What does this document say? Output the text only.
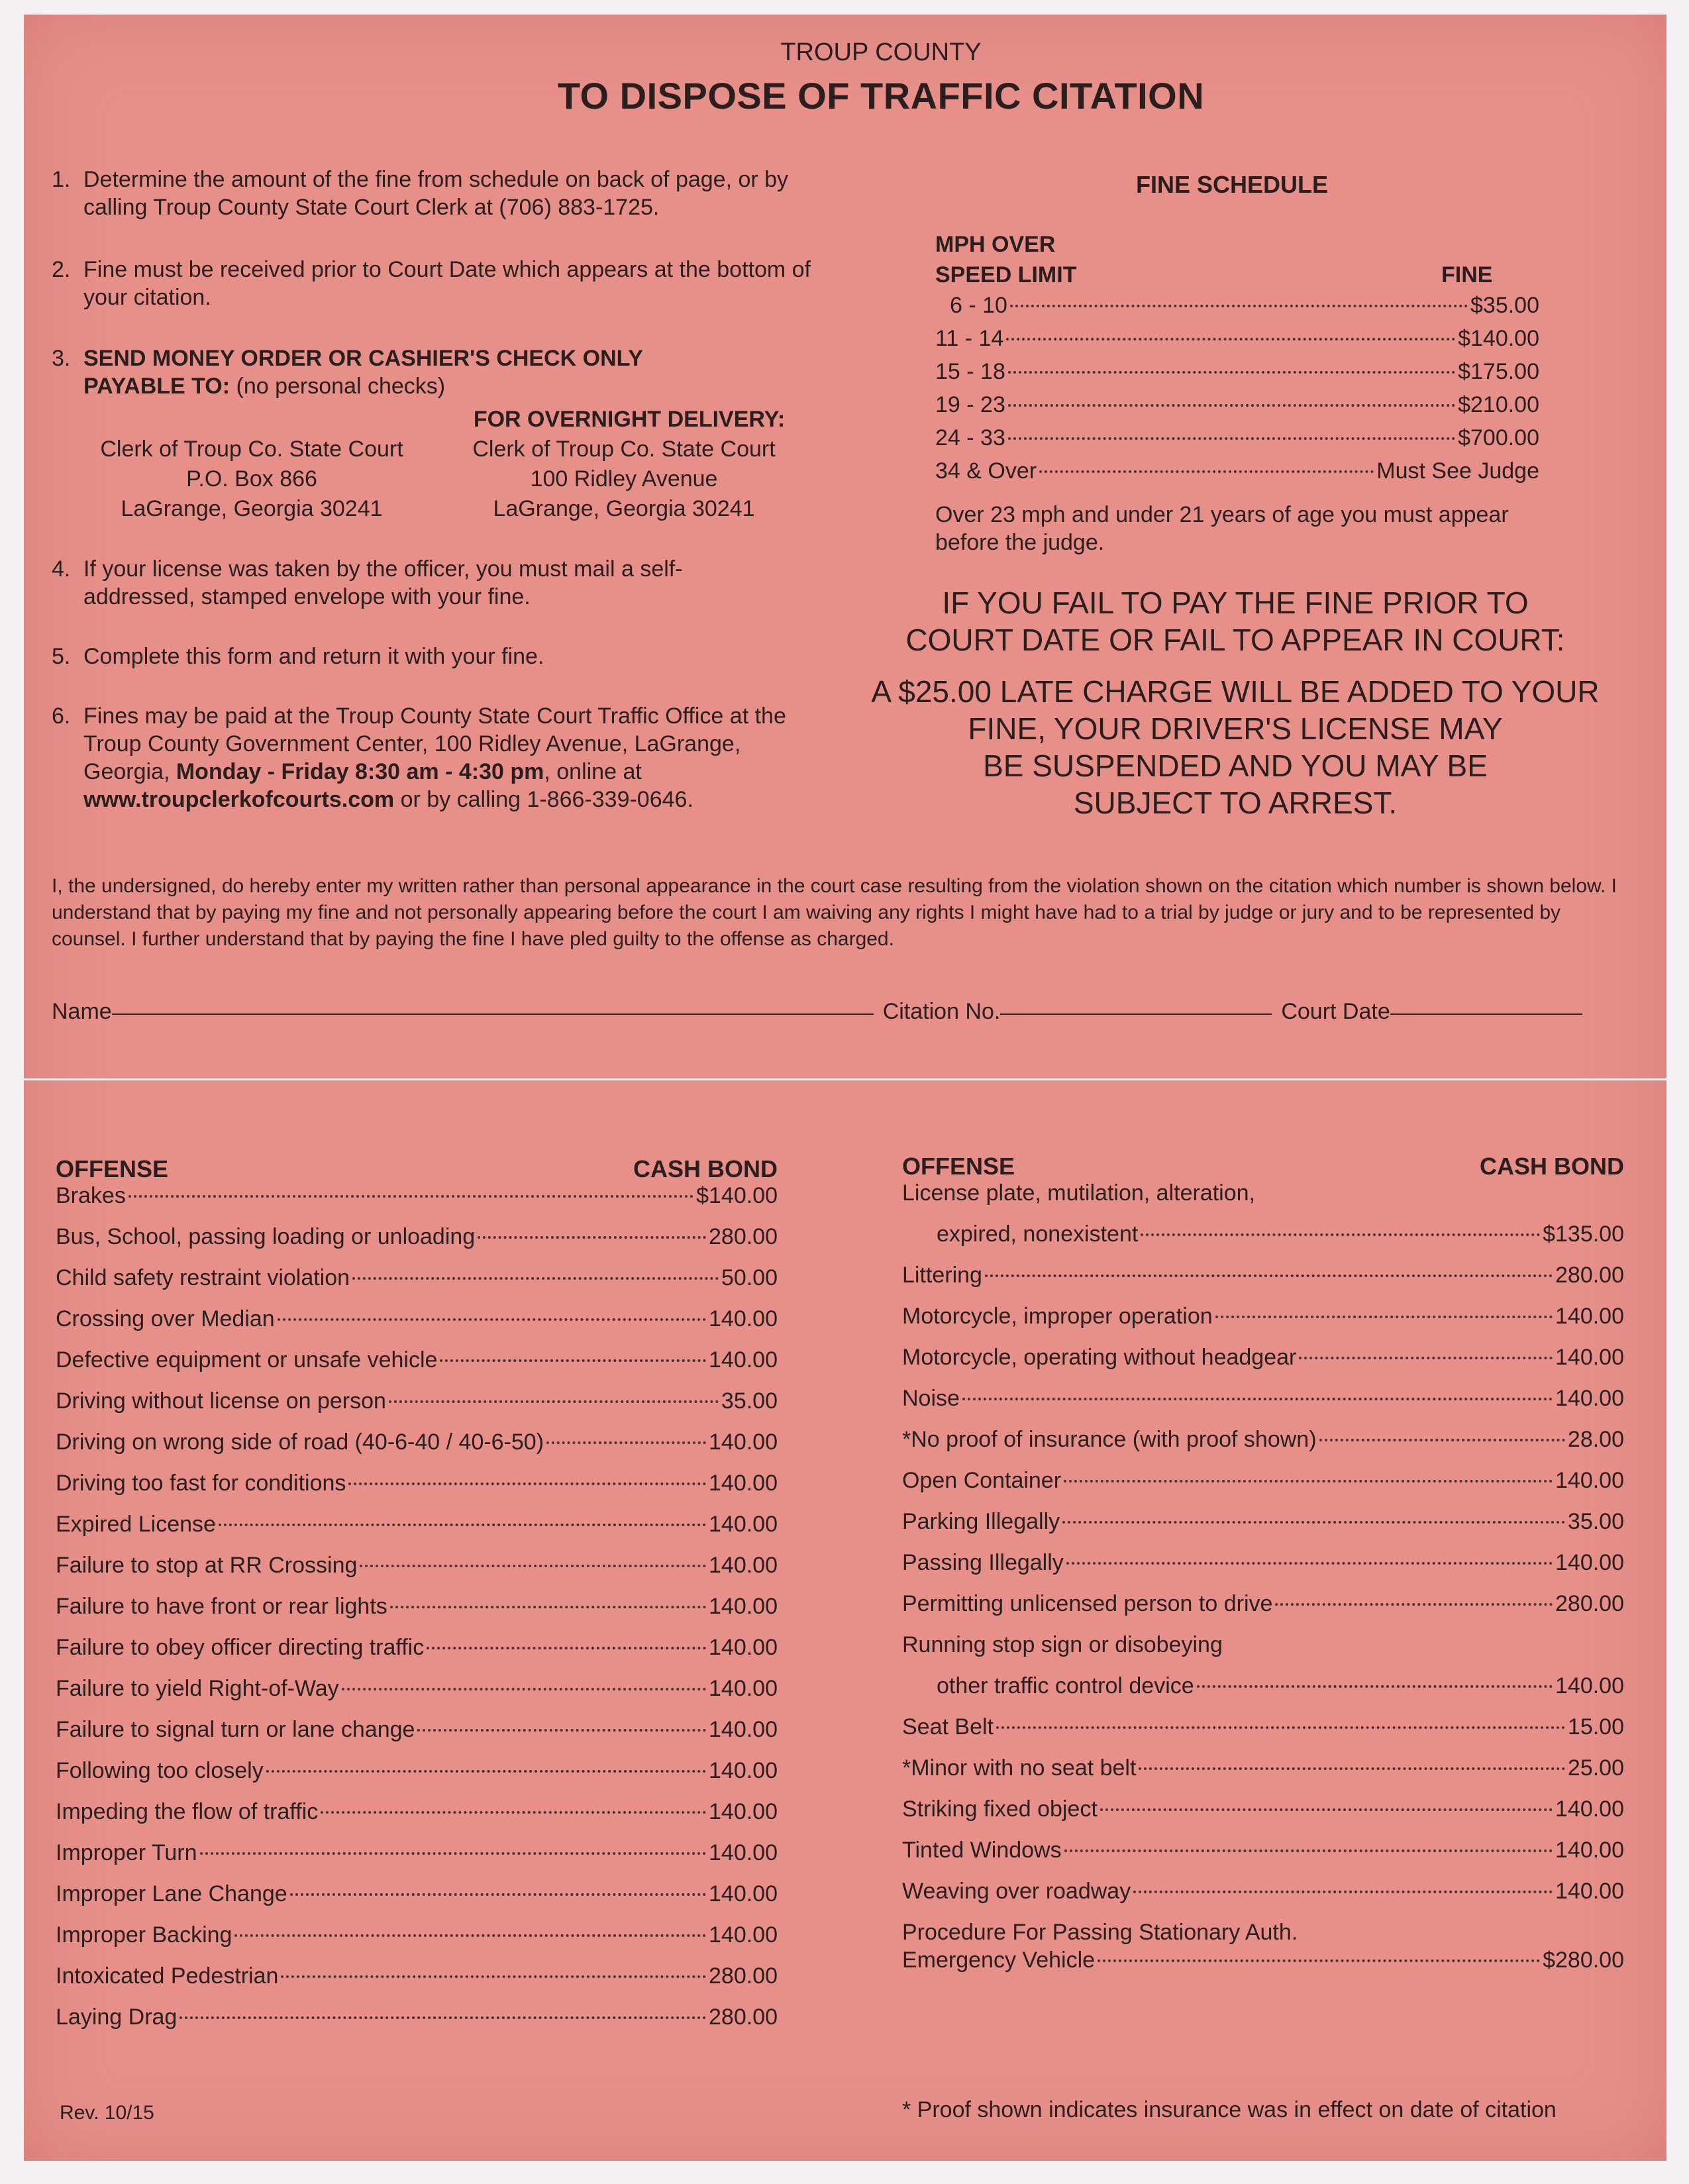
TROUP COUNTY
TO DISPOSE OF TRAFFIC CITATION
1. Determine the amount of the fine from schedule on back of page, or by calling Troup County State Court Clerk at (706) 883-1725.
2. Fine must be received prior to Court Date which appears at the bottom of your citation.
3. SEND MONEY ORDER OR CASHIER'S CHECK ONLY PAYABLE TO: (no personal checks)
FOR OVERNIGHT DELIVERY:
Clerk of Troup Co. State Court
P.O. Box 866
LaGrange, Georgia 30241
Clerk of Troup Co. State Court
100 Ridley Avenue
LaGrange, Georgia 30241
4. If your license was taken by the officer, you must mail a self-addressed, stamped envelope with your fine.
5. Complete this form and return it with your fine.
6. Fines may be paid at the Troup County State Court Traffic Office at the Troup County Government Center, 100 Ridley Avenue, LaGrange, Georgia, Monday - Friday 8:30 am - 4:30 pm, online at www.troupclerkofcourts.com or by calling 1-866-339-0646.
FINE SCHEDULE
MPH OVER
SPEED LIMIT	FINE
6 - 10	$35.00
11 - 14	$140.00
15 - 18	$175.00
19 - 23	$210.00
24 - 33	$700.00
34 & Over	Must See Judge
Over 23 mph and under 21 years of age you must appear before the judge.
IF YOU FAIL TO PAY THE FINE PRIOR TO
COURT DATE OR FAIL TO APPEAR IN COURT:
A $25.00 LATE CHARGE WILL BE ADDED TO YOUR
FINE, YOUR DRIVER'S LICENSE MAY
BE SUSPENDED AND YOU MAY BE
SUBJECT TO ARREST.
I, the undersigned, do hereby enter my written rather than personal appearance in the court case resulting from the violation shown on the citation which number is shown below. I understand that by paying my fine and not personally appearing before the court I am waiving any rights I might have had to a trial by judge or jury and to be represented by counsel. I further understand that by paying the fine I have pled guilty to the offense as charged.
Name	Citation No.	Court Date
OFFENSE	CASH BOND
Brakes	$140.00
Bus, School, passing loading or unloading	280.00
Child safety restraint violation	50.00
Crossing over Median	140.00
Defective equipment or unsafe vehicle	140.00
Driving without license on person	35.00
Driving on wrong side of road (40-6-40 / 40-6-50)	140.00
Driving too fast for conditions	140.00
Expired License	140.00
Failure to stop at RR Crossing	140.00
Failure to have front or rear lights	140.00
Failure to obey officer directing traffic	140.00
Failure to yield Right-of-Way	140.00
Failure to signal turn or lane change	140.00
Following too closely	140.00
Impeding the flow of traffic	140.00
Improper Turn	140.00
Improper Lane Change	140.00
Improper Backing	140.00
Intoxicated Pedestrian	280.00
Laying Drag	280.00
OFFENSE	CASH BOND
License plate, mutilation, alteration,
expired, nonexistent	$135.00
Littering	280.00
Motorcycle, improper operation	140.00
Motorcycle, operating without headgear	140.00
Noise	140.00
*No proof of insurance (with proof shown)	28.00
Open Container	140.00
Parking Illegally	35.00
Passing Illegally	140.00
Permitting unlicensed person to drive	280.00
Running stop sign or disobeying
other traffic control device	140.00
Seat Belt	15.00
*Minor with no seat belt	25.00
Striking fixed object	140.00
Tinted Windows	140.00
Weaving over roadway	140.00
Procedure For Passing Stationary Auth.
Emergency Vehicle	$280.00
Rev. 10/15	* Proof shown indicates insurance was in effect on date of citation
